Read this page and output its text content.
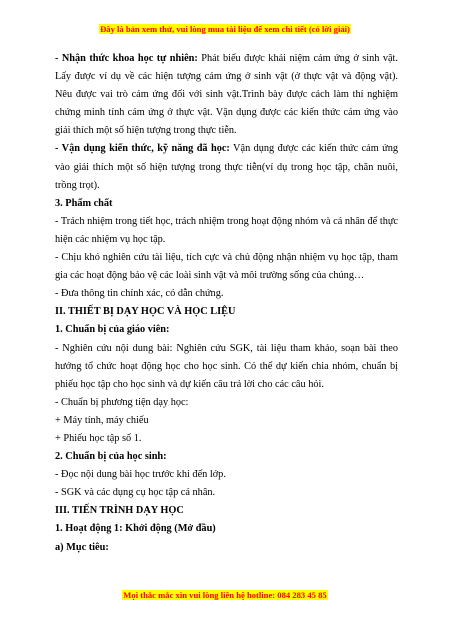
Đây là bản xem thử, vui lòng mua tài liệu để xem chi tiết (có lời giải)

- Nhận thức khoa học tự nhiên: Phát biểu được khái niệm cảm ứng ở sinh vật. Lấy được ví dụ về các hiện tượng cảm ứng ở sinh vật (ở thực vật và động vật). Nêu được vai trò cảm ứng đối với sinh vật.Trình bày được cách làm thí nghiệm chứng minh tính cảm ứng ở thực vật. Vận dụng được các kiến thức cảm ứng vào giải thích một số hiện tượng trong thực tiễn.

- Vận dụng kiến thức, kỹ năng đã học: Vận dụng được các kiến thức cảm ứng vào giải thích một số hiện tượng trong thực tiễn(ví dụ trong học tập, chăn nuôi, trồng trọt).

3. Phẩm chất

- Trách nhiệm trong tiết học, trách nhiệm trong hoạt động nhóm và cá nhân để thực hiện các nhiệm vụ học tập.

- Chịu khó nghiên cứu tài liệu, tích cực và chủ động nhận nhiệm vụ học tập, tham gia các hoạt động bảo vệ các loài sinh vật và môi trường sống của chúng…

- Đưa thông tin chính xác, có dẫn chứng.

II. THIẾT BỊ DẠY HỌC VÀ HỌC LIỆU

1. Chuẩn bị của giáo viên:

- Nghiên cứu nội dung bài: Nghiên cứu SGK, tài liệu tham khảo, soạn bài theo hướng tổ chức hoạt động học cho học sinh. Có thể dự kiến chia nhóm, chuẩn bị phiếu học tập cho học sinh và dự kiến câu trả lời cho các câu hỏi.

- Chuẩn bị phương tiện dạy học:

+ Máy tính, máy chiếu

+ Phiếu học tập số 1.

2. Chuẩn bị của học sinh:

- Đọc nội dung bài học trước khi đến lớp.

- SGK và các dụng cụ học tập cá nhân.

III. TIẾN TRÌNH DẠY HỌC

1. Hoạt động 1: Khởi động (Mở đầu)

a) Mục tiêu:

Mọi thắc mắc xin vui lòng liên hệ hotline: 084 283 45 85
